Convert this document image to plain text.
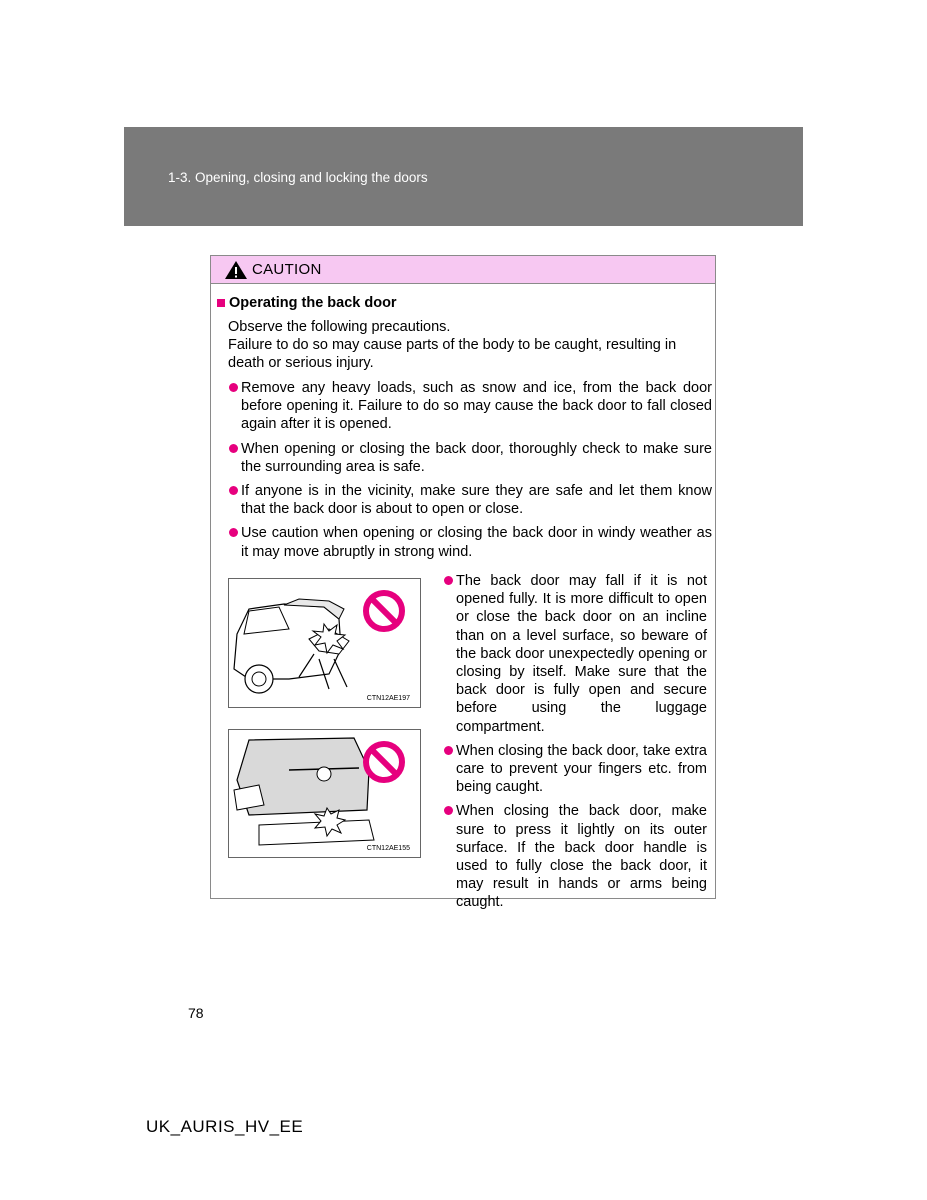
1-3. Opening, closing and locking the doors
CAUTION
Operating the back door
Observe the following precautions.
Failure to do so may cause parts of the body to be caught, resulting in death or serious injury.
Remove any heavy loads, such as snow and ice, from the back door before opening it. Failure to do so may cause the back door to fall closed again after it is opened.
When opening or closing the back door, thoroughly check to make sure the surrounding area is safe.
If anyone is in the vicinity, make sure they are safe and let them know that the back door is about to open or close.
Use caution when opening or closing the back door in windy weather as it may move abruptly in strong wind.
CTN12AE197
CTN12AE155
The back door may fall if it is not opened fully. It is more difficult to open or close the back door on an incline than on a level surface, so beware of the back door unexpectedly opening or closing by itself. Make sure that the back door is fully open and secure before using the luggage compartment.
When closing the back door, take extra care to prevent your fingers etc. from being caught.
When closing the back door, make sure to press it lightly on its outer surface. If the back door handle is used to fully close the back door, it may result in hands or arms being caught.
78
UK_AURIS_HV_EE
